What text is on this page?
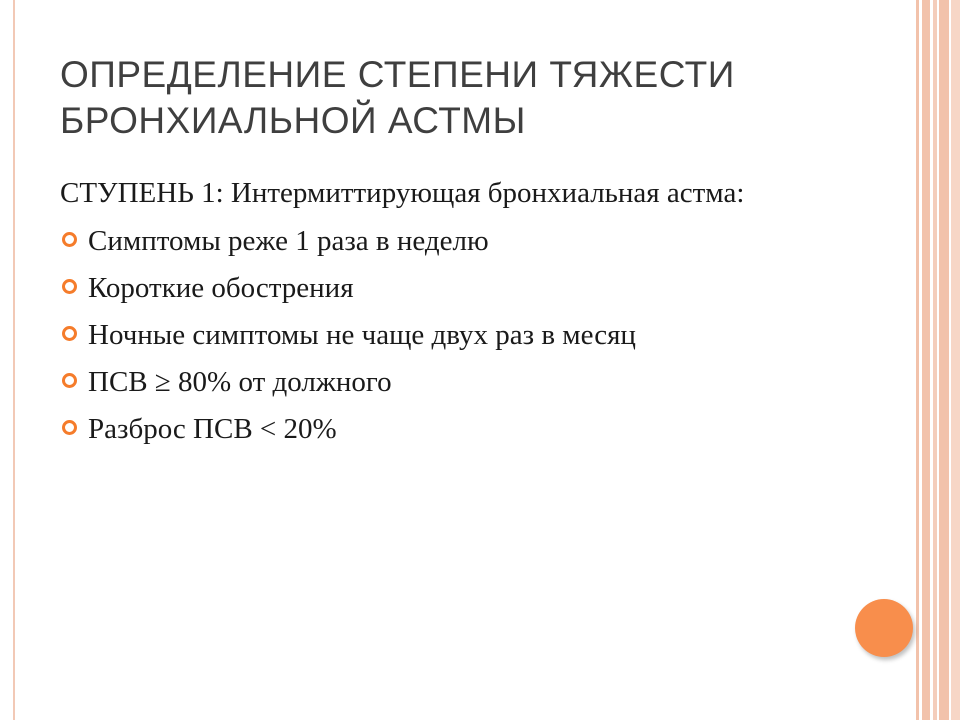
ОПРЕДЕЛЕНИЕ СТЕПЕНИ ТЯЖЕСТИ
БРОНХИАЛЬНОЙ АСТМЫ

СТУПЕНЬ 1: Интермиттирующая бронхиальная астма:

Симптомы реже 1 раза в неделю
Короткие обострения
Ночные симптомы не чаще двух раз в месяц
ПСВ ≥ 80% от должного
Разброс ПСВ < 20%
